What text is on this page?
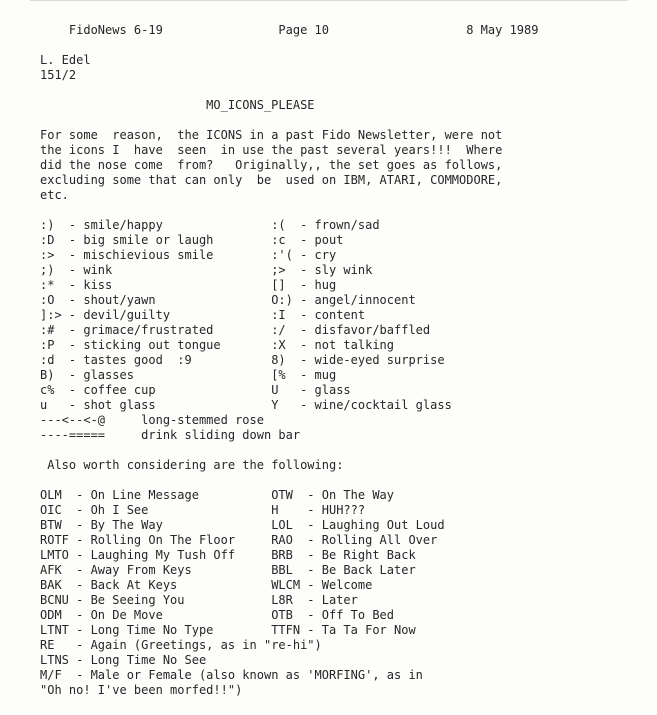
FidoNews 6-19	Page 10	8 May 1989

L. Edel
151/2
MO_ICONS_PLEASE
For some  reason,  the ICONS in a past Fido Newsletter, were not
the icons I  have  seen  in use the past several years!!!  Where
did the nose come  from?   Originally,, the set goes as follows,
excluding some that can only  be  used on IBM, ATARI, COMMODORE,
etc.
:)  - smile/happy               :(  - frown/sad
:D  - big smile or laugh        :c  - pout
:>  - mischievious smile        :'( - cry
;)  - wink                      ;>  - sly wink
:*  - kiss                      []  - hug
:O  - shout/yawn                O:) - angel/innocent
]:> - devil/guilty              :I  - content
:#  - grimace/frustrated        :/  - disfavor/baffled
:P  - sticking out tongue       :X  - not talking
:d  - tastes good  :9           8)  - wide-eyed surprise
B)  - glasses                   [%  - mug
c%  - coffee cup                U   - glass
u   - shot glass                Y   - wine/cocktail glass
---<--<-@     long-stemmed rose
----=====     drink sliding down bar
Also worth considering are the following:
OLM  - On Line Message          OTW  - On The Way
OIC  - Oh I See                 H    - HUH???
BTW  - By The Way               LOL  - Laughing Out Loud
ROTF - Rolling On The Floor     RAO  - Rolling All Over
LMTO - Laughing My Tush Off     BRB  - Be Right Back
AFK  - Away From Keys           BBL  - Be Back Later
BAK  - Back At Keys             WLCM - Welcome
BCNU - Be Seeing You            L8R  - Later
ODM  - On De Move               OTB  - Off To Bed
LTNT - Long Time No Type        TTFN - Ta Ta For Now
RE   - Again (Greetings, as in "re-hi")
LTNS - Long Time No See
M/F  - Male or Female (also known as 'MORFING', as in
"Oh no! I've been morfed!!")
